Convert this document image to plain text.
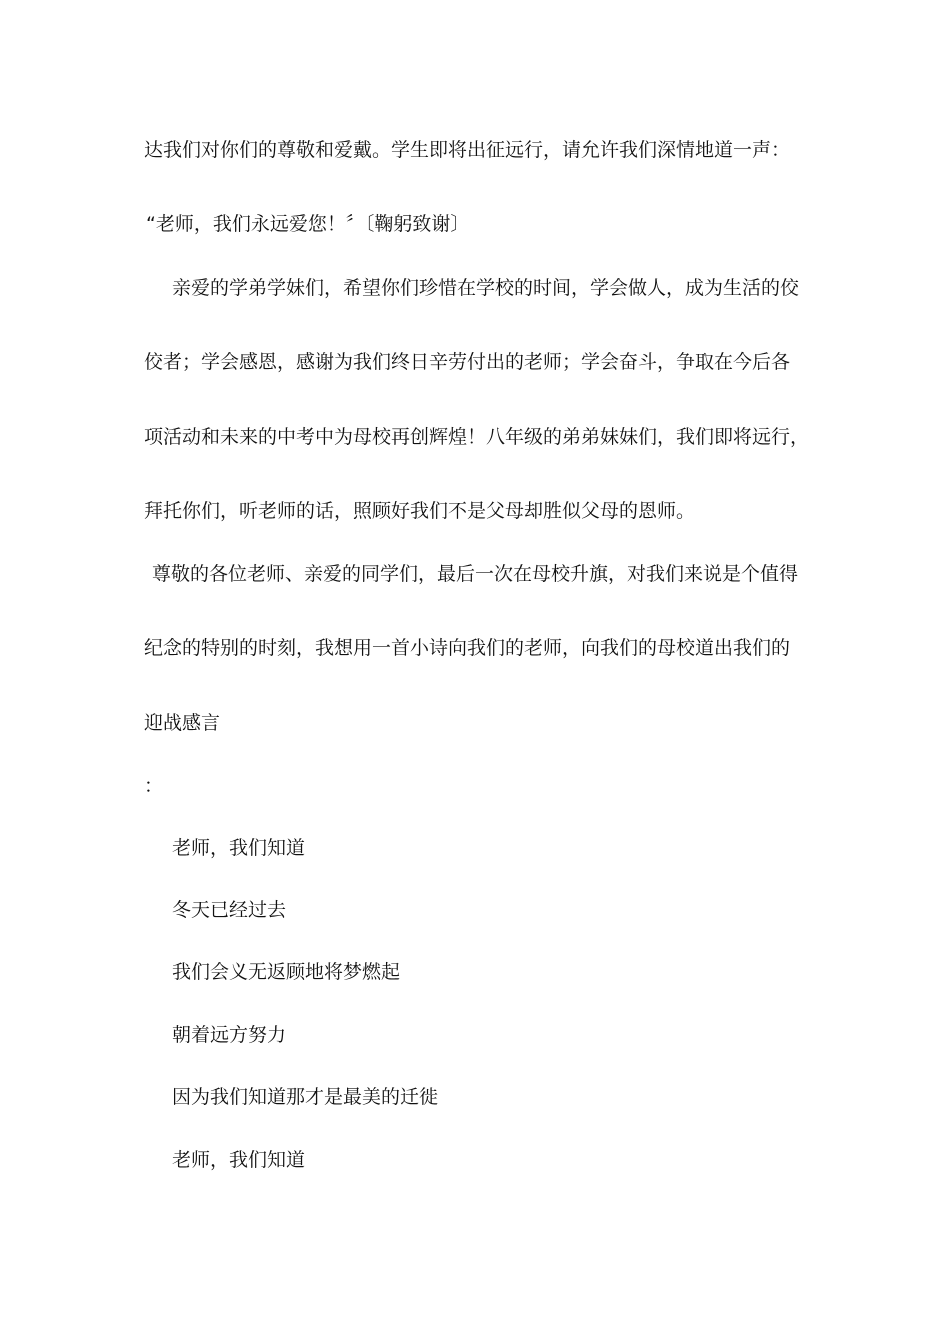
达我们对你们的尊敬和爱戴。学生即将出征远行，请允许我们深情地道一声：
“老师，我们永远爱您！〞〔鞠躬致谢〕
亲爱的学弟学妹们，希望你们珍惜在学校的时间，学会做人，成为生活的佼
佼者；学会感恩，感谢为我们终日辛劳付出的老师；学会奋斗，争取在今后各
项活动和未来的中考中为母校再创辉煌！八年级的弟弟妹妹们，我们即将远行，
拜托你们，听老师的话，照顾好我们不是父母却胜似父母的恩师。
尊敬的各位老师、亲爱的同学们，最后一次在母校升旗，对我们来说是个值得
纪念的特别的时刻，我想用一首小诗向我们的老师，向我们的母校道出我们的
迎战感言
：
老师，我们知道
冬天已经过去
我们会义无返顾地将梦燃起
朝着远方努力
因为我们知道那才是最美的迁徙
老师，我们知道
